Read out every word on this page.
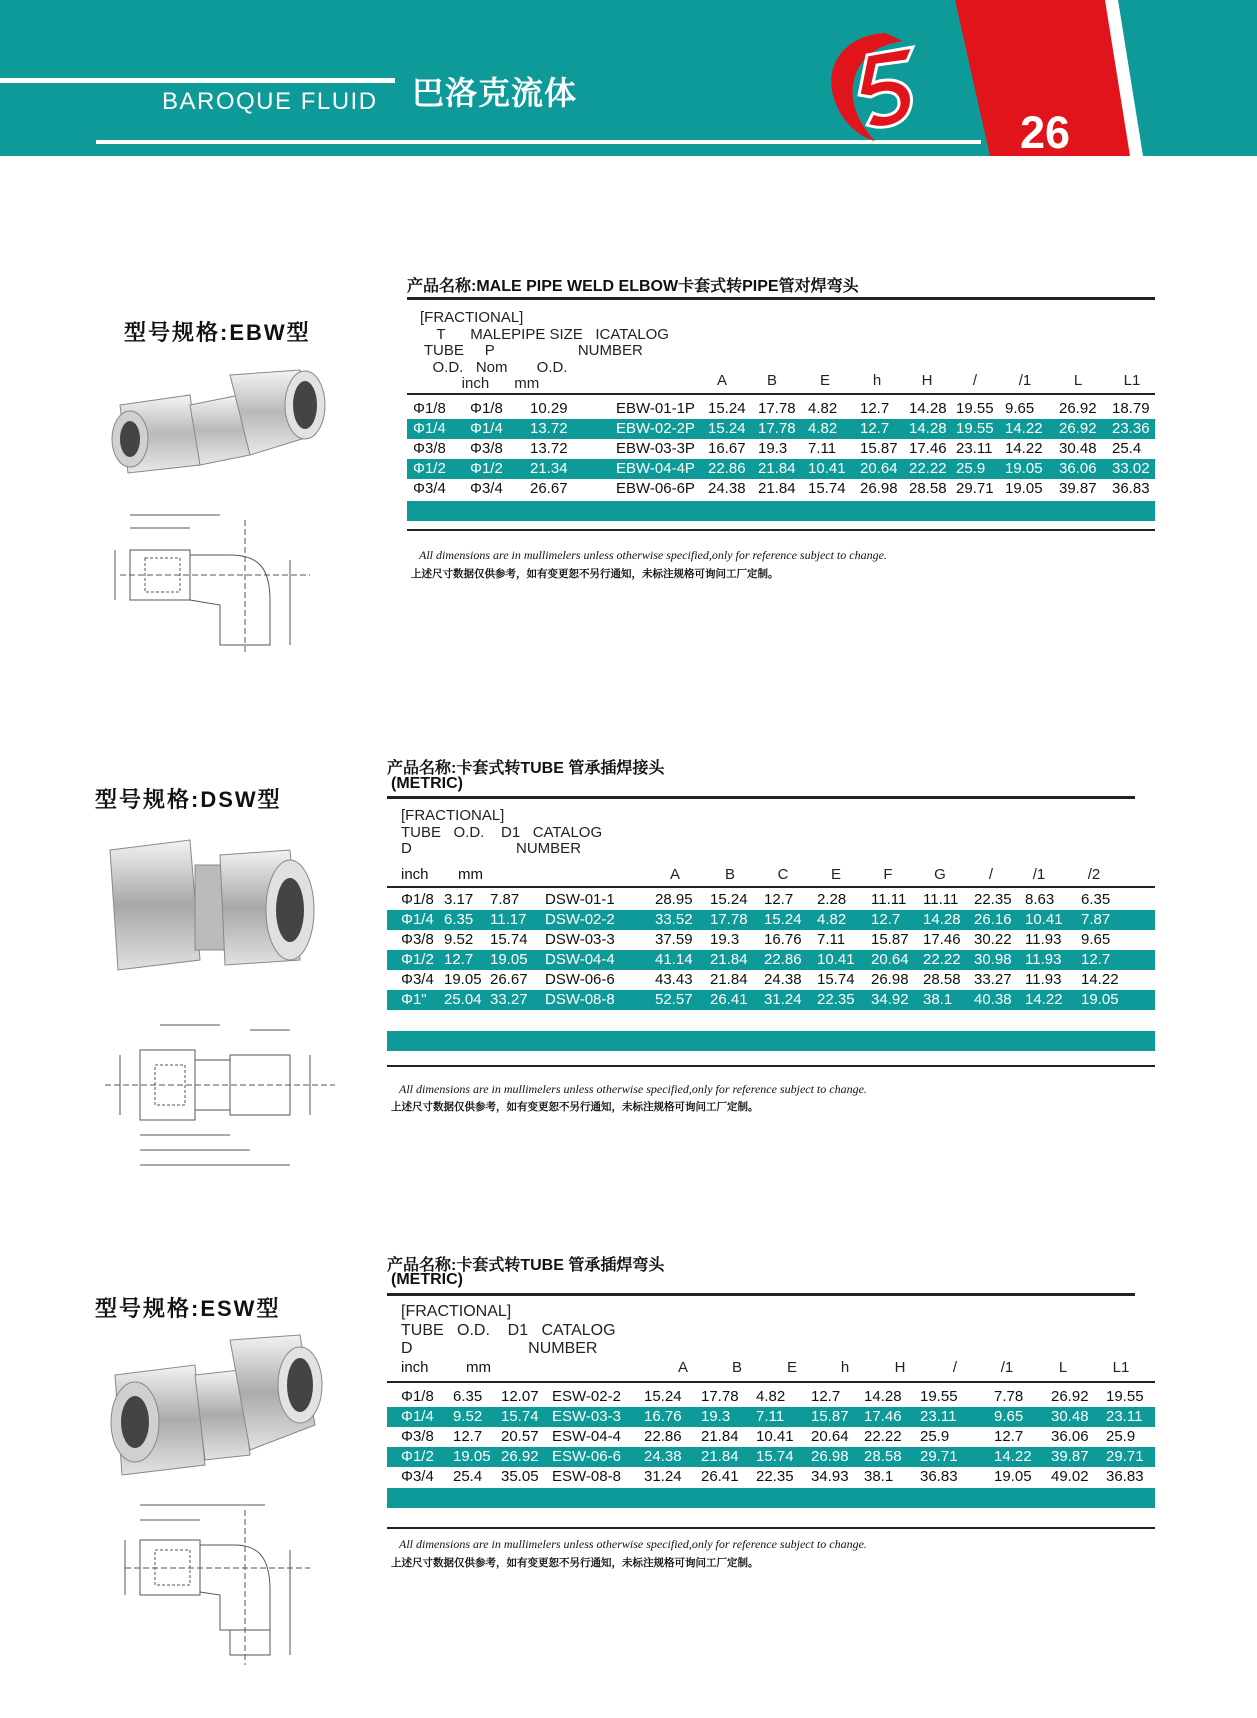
BAROQUE FLUID 巴洛克流体
26
型号规格:EBW型
产品名称:MALE PIPE WELD ELBOW卡套式转PIPE管对焊弯头
[FRACTIONAL]
T      MALEPIPE SIZE   ICATALOG
TUBE     P                    NUMBER
O.D.   Nom       O.D.
inch      mm	A	B	E	h	H	/	/1	L	L1
	Φ1/8	Φ1/8	10.29	EBW-01-1P	15.24	17.78	4.82	12.7	14.28	19.55	9.65	26.92	18.79
	Φ1/4	Φ1/4	13.72	EBW-02-2P	15.24	17.78	4.82	12.7	14.28	19.55	14.22	26.92	23.36
	Φ3/8	Φ3/8	13.72	EBW-03-3P	16.67	19.3	7.11	15.87	17.46	23.11	14.22	30.48	25.4
	Φ1/2	Φ1/2	21.34	EBW-04-4P	22.86	21.84	10.41	20.64	22.22	25.9	19.05	36.06	33.02
	Φ3/4	Φ3/4	26.67	EBW-06-6P	24.38	21.84	15.74	26.98	28.58	29.71	19.05	39.87	36.83
All dimensions are in mullimelers unless otherwise specified,only for reference subject to change.
上述尺寸数据仅供参考，如有变更恕不另行通知，未标注规格可询问工厂定制。
型号规格:DSW型
产品名称:卡套式转TUBE 管承插焊接头
(METRIC)
[FRACTIONAL]
TUBE   O.D.    D1   CATALOG
D                         NUMBER
inch mm	A	B	C	E	F	G	/	/1	/2
	Φ1/8	3.17	7.87	DSW-01-1	28.95	15.24	12.7	2.28	11.11	11.11	22.35	8.63	6.35
	Φ1/4	6.35	11.17	DSW-02-2	33.52	17.78	15.24	4.82	12.7	14.28	26.16	10.41	7.87
	Φ3/8	9.52	15.74	DSW-03-3	37.59	19.3	16.76	7.11	15.87	17.46	30.22	11.93	9.65
	Φ1/2	12.7	19.05	DSW-04-4	41.14	21.84	22.86	10.41	20.64	22.22	30.98	11.93	12.7
	Φ3/4	19.05	26.67	DSW-06-6	43.43	21.84	24.38	15.74	26.98	28.58	33.27	11.93	14.22
	Φ1"	25.04	33.27	DSW-08-8	52.57	26.41	31.24	22.35	34.92	38.1	40.38	14.22	19.05
All dimensions are in mullimelers unless otherwise specified,only for reference subject to change.
上述尺寸数据仅供参考，如有变更恕不另行通知，未标注规格可询问工厂定制。
型号规格:ESW型
产品名称:卡套式转TUBE 管承插焊弯头
(METRIC)
[FRACTIONAL]
TUBE   O.D.    D1   CATALOG
D                          NUMBER
inch mm	A	B	E	h	H	/	/1	L	L1
	Φ1/8	6.35	12.07	ESW-02-2	15.24	17.78	4.82	12.7	14.28	19.55	7.78	26.92	19.55
	Φ1/4	9.52	15.74	ESW-03-3	16.76	19.3	7.11	15.87	17.46	23.11	9.65	30.48	23.11
	Φ3/8	12.7	20.57	ESW-04-4	22.86	21.84	10.41	20.64	22.22	25.9	12.7	36.06	25.9
	Φ1/2	19.05	26.92	ESW-06-6	24.38	21.84	15.74	26.98	28.58	29.71	14.22	39.87	29.71
	Φ3/4	25.4	35.05	ESW-08-8	31.24	26.41	22.35	34.93	38.1	36.83	19.05	49.02	36.83
All dimensions are in mullimelers unless otherwise specified,only for reference subject to change.
上述尺寸数据仅供参考，如有变更恕不另行通知，未标注规格可询问工厂定制。
